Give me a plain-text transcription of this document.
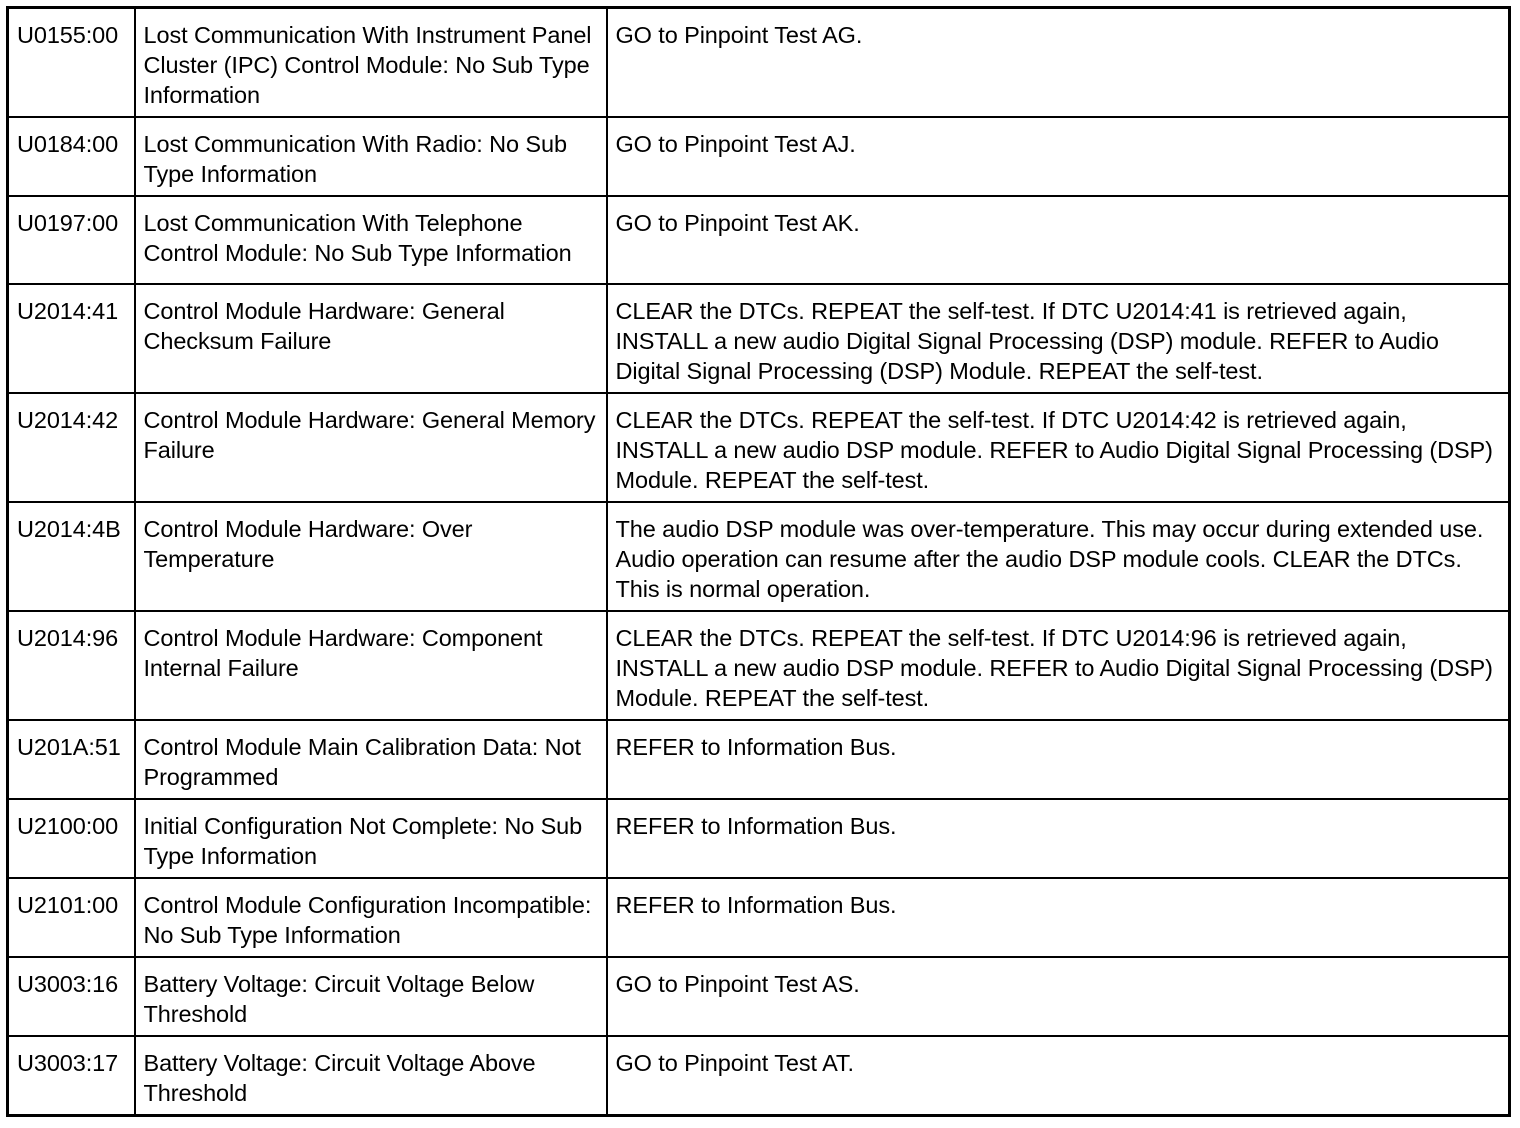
U0155:00	Lost Communication With Instrument Panel Cluster (IPC) Control Module: No Sub Type Information	GO to Pinpoint Test AG.
U0184:00	Lost Communication With Radio: No Sub Type Information	GO to Pinpoint Test AJ.
U0197:00	Lost Communication With Telephone Control Module: No Sub Type Information	GO to Pinpoint Test AK.
U2014:41	Control Module Hardware: General Checksum Failure	CLEAR the DTCs. REPEAT the self-test. If DTC U2014:41 is retrieved again, INSTALL a new audio Digital Signal Processing (DSP) module. REFER to Audio Digital Signal Processing (DSP) Module. REPEAT the self-test.
U2014:42	Control Module Hardware: General Memory Failure	CLEAR the DTCs. REPEAT the self-test. If DTC U2014:42 is retrieved again, INSTALL a new audio DSP module. REFER to Audio Digital Signal Processing (DSP) Module. REPEAT the self-test.
U2014:4B	Control Module Hardware: Over Temperature	The audio DSP module was over-temperature. This may occur during extended use. Audio operation can resume after the audio DSP module cools. CLEAR the DTCs. This is normal operation.
U2014:96	Control Module Hardware: Component Internal Failure	CLEAR the DTCs. REPEAT the self-test. If DTC U2014:96 is retrieved again, INSTALL a new audio DSP module. REFER to Audio Digital Signal Processing (DSP) Module. REPEAT the self-test.
U201A:51	Control Module Main Calibration Data: Not Programmed	REFER to Information Bus.
U2100:00	Initial Configuration Not Complete: No Sub Type Information	REFER to Information Bus.
U2101:00	Control Module Configuration Incompatible: No Sub Type Information	REFER to Information Bus.
U3003:16	Battery Voltage: Circuit Voltage Below Threshold	GO to Pinpoint Test AS.
U3003:17	Battery Voltage: Circuit Voltage Above Threshold	GO to Pinpoint Test AT.
